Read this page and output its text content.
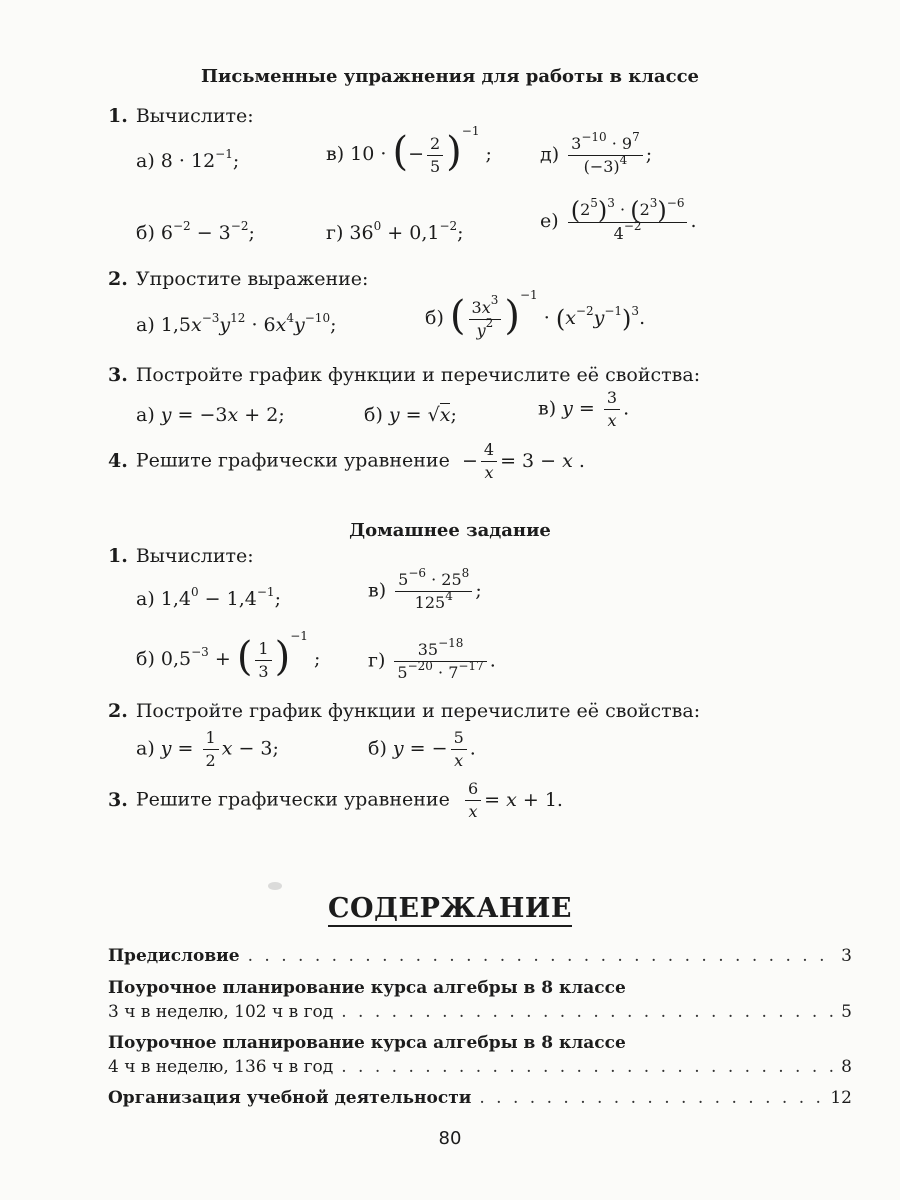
Письменные упражнения для работы в классе
1. Вычислите:
а) $8 \cdot 12^{-1}$;	в) 10 · (− $\frac{2}{5} )^{-1}$ ;	$д) \frac{3^{-10} \cdot 9^7}{(-3)^4}$ ;
б) $6^{-2} - 3^{-2}$;	г) $36^0 + 0,1^{-2}$;
$е) \frac{(2^5)^3 \cdot (2^3)^{-6}}{4^{-2}}$ .
2. Упростите выражение:
а) $1,5x^{-3}y^{12} \cdot 6x^4y^{-10}$;	б) ( $\frac{3x^3}{y^2} )^{-1} \cdot (x^{-2}y^{-1})^3$.
3. Постройте график функции и перечислите её свойства:
а) y = −3x + 2;	б) y = √x;	в) $y = \frac{3}{x}$ .
4. Решите графически уравнение  − $\frac{4}{x} = 3 - x$ .
Домашнее задание
1. Вычислите:
а) $1,4^0 - 1,4^{-1}$;	$в) \frac{5^{-6} \cdot 25^8}{125^4}$ ;
б) $0,5^{-3}$ + ( $\frac{1}{3} )^{-1}$ ;	$г) \frac{35^{-18}}{5^{-20} \cdot 7^{-17}}$ .
2. Постройте график функции и перечислите её свойства:
а) $y = \frac{1}{2}$ x − 3;	б) y = − $\frac{5}{x}$ .
3. Решите графически уравнение $\frac{6}{x} = x + 1$.
СОДЕРЖАНИЕ
Предисловие . . .	3
Поурочное планирование курса алгебры в 8 классе
3 ч в неделю, 102 ч в год . . .	5
Поурочное планирование курса алгебры в 8 классе
4 ч в неделю, 136 ч в год . . .	8
Организация учебной деятельности . . .	12
80
